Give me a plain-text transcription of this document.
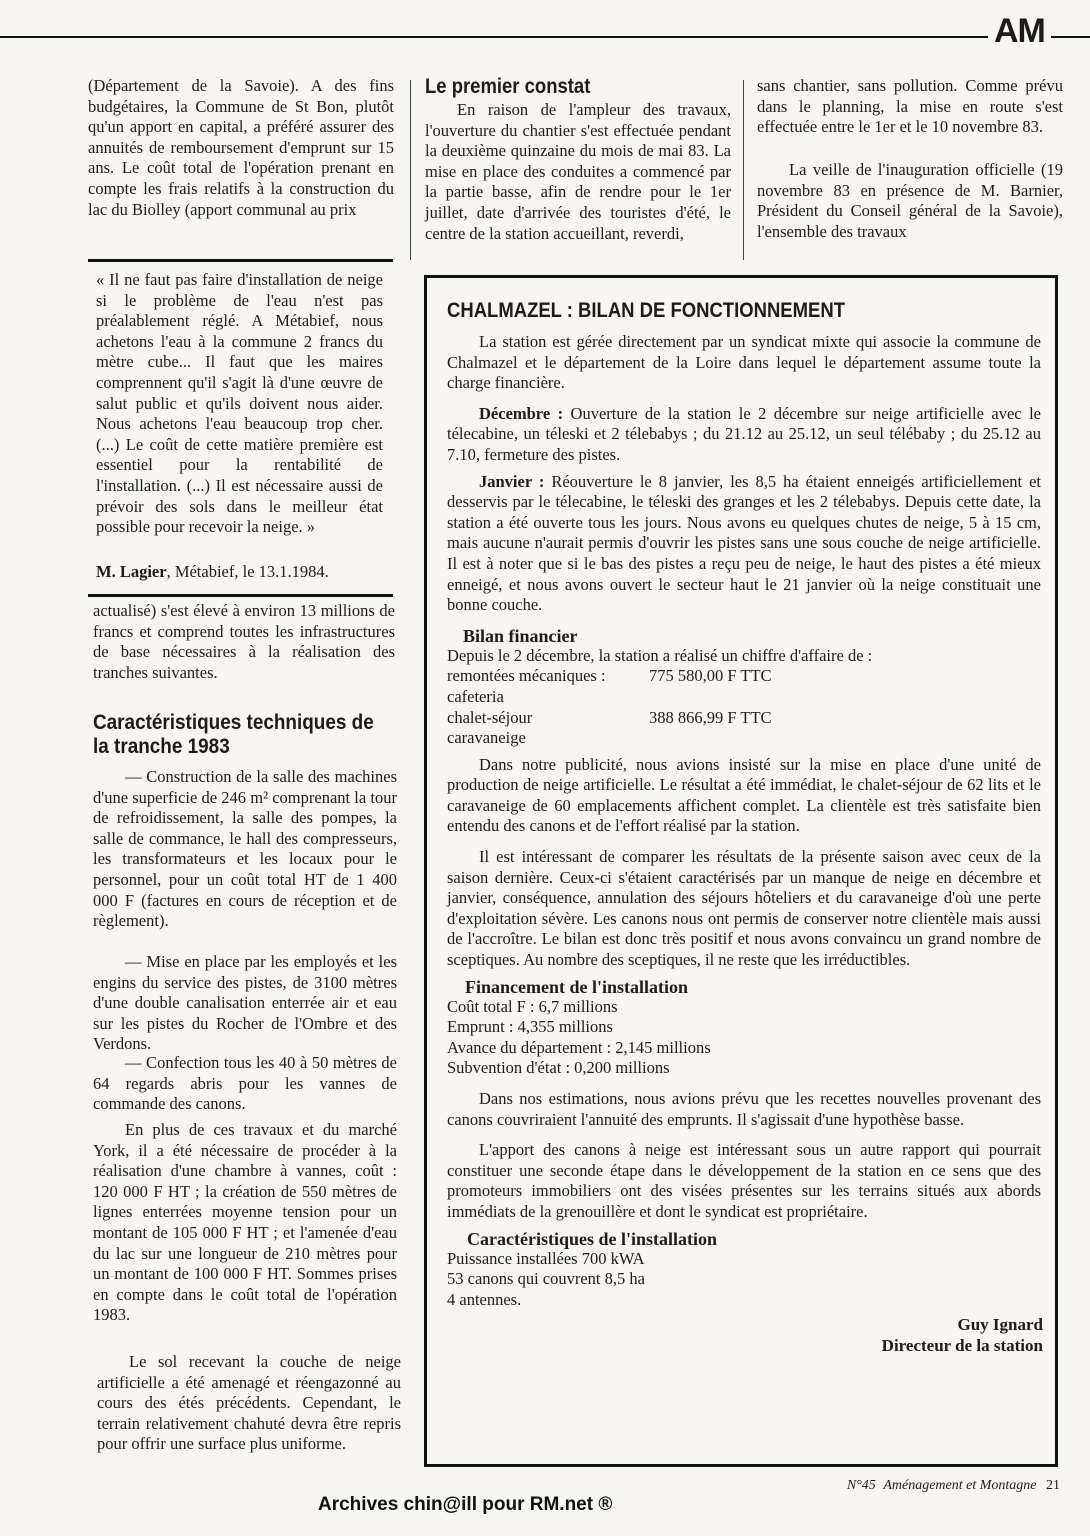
AM

(Département de la Savoie). A des fins budgétaires, la Commune de St Bon, plutôt qu'un apport en capital, a préféré assurer des annuités de remboursement d'emprunt sur 15 ans. Le coût total de l'opération prenant en compte les frais relatifs à la construction du lac du Biolley (apport communal au prix

« Il ne faut pas faire d'installation de neige si le problème de l'eau n'est pas préalablement réglé. A Métabief, nous achetons l'eau à la commune 2 francs du mètre cube... Il faut que les maires comprennent qu'il s'agit là d'une œuvre de salut public et qu'ils doivent nous aider. Nous achetons l'eau beaucoup trop cher. (...) Le coût de cette matière première est essentiel pour la rentabilité de l'installation. (...) Il est nécessaire aussi de prévoir des sols dans le meilleur état possible pour recevoir la neige. »

M. Lagier, Métabief, le 13.1.1984.

actualisé) s'est élevé à environ 13 millions de francs et comprend toutes les infrastructures de base nécessaires à la réalisation des tranches suivantes.

Caractéristiques techniques de la tranche 1983

— Construction de la salle des machines d'une superficie de 246 m² comprenant la tour de refroidissement, la salle des pompes, la salle de commance, le hall des compresseurs, les transformateurs et les locaux pour le personnel, pour un coût total HT de 1 400 000 F (factures en cours de réception et de règlement).

— Mise en place par les employés et les engins du service des pistes, de 3100 mètres d'une double canalisation enterrée air et eau sur les pistes du Rocher de l'Ombre et des Verdons.

— Confection tous les 40 à 50 mètres de 64 regards abris pour les vannes de commande des canons.

En plus de ces travaux et du marché York, il a été nécessaire de procéder à la réalisation d'une chambre à vannes, coût : 120 000 F HT ; la création de 550 mètres de lignes enterrées moyenne tension pour un montant de 105 000 F HT ; et l'amenée d'eau du lac sur une longueur de 210 mètres pour un montant de 100 000 F HT. Sommes prises en compte dans le coût total de l'opération 1983.

Le sol recevant la couche de neige artificielle a été amenagé et réengazonné au cours des étés précédents. Cependant, le terrain relativement chahuté devra être repris pour offrir une surface plus uniforme.

Le premier constat

En raison de l'ampleur des travaux, l'ouverture du chantier s'est effectuée pendant la deuxième quinzaine du mois de mai 83. La mise en place des conduites a commencé par la partie basse, afin de rendre pour le 1er juillet, date d'arrivée des touristes d'été, le centre de la station accueillant, reverdi,

sans chantier, sans pollution. Comme prévu dans le planning, la mise en route s'est effectuée entre le 1er et le 10 novembre 83.

La veille de l'inauguration officielle (19 novembre 83 en présence de M. Barnier, Président du Conseil général de la Savoie), l'ensemble des travaux

CHALMAZEL : BILAN DE FONCTIONNEMENT

La station est gérée directement par un syndicat mixte qui associe la commune de Chalmazel et le département de la Loire dans lequel le département assume toute la charge financière.

Décembre : Ouverture de la station le 2 décembre sur neige artificielle avec le télecabine, un téleski et 2 télebabys ; du 21.12 au 25.12, un seul télébaby ; du 25.12 au 7.10, fermeture des pistes.

Janvier : Réouverture le 8 janvier, les 8,5 ha étaient enneigés artificiellement et desservis par le télecabine, le téleski des granges et les 2 télebabys. Depuis cette date, la station a été ouverte tous les jours. Nous avons eu quelques chutes de neige, 5 à 15 cm, mais aucune n'aurait permis d'ouvrir les pistes sans une sous couche de neige artificielle. Il est à noter que si le bas des pistes a reçu peu de neige, le haut des pistes a été mieux enneigé, et nous avons ouvert le secteur haut le 21 janvier où la neige constituait une bonne couche.

Bilan financier

Depuis le 2 décembre, la station a réalisé un chiffre d'affaire de :

remontées mécaniques :	775 580,00 F TTC

cafeteria

chalet-séjour	388 866,99 F TTC

caravaneige

Dans notre publicité, nous avions insisté sur la mise en place d'une unité de production de neige artificielle. Le résultat a été immédiat, le chalet-séjour de 62 lits et le caravaneige de 60 emplacements affichent complet. La clientèle est très satisfaite bien entendu des canons et de l'effort réalisé par la station.

Il est intéressant de comparer les résultats de la présente saison avec ceux de la saison dernière. Ceux-ci s'étaient caractérisés par un manque de neige en décembre et janvier, conséquence, annulation des séjours hôteliers et du caravaneige d'où une perte d'exploitation sévère. Les canons nous ont permis de conserver notre clientèle mais aussi de l'accroître. Le bilan est donc très positif et nous avons convaincu un grand nombre de sceptiques. Au nombre des sceptiques, il ne reste que les irréductibles.

Financement de l'installation

Coût total F : 6,7 millions

Emprunt : 4,355 millions

Avance du département : 2,145 millions

Subvention d'état : 0,200 millions

Dans nos estimations, nous avions prévu que les recettes nouvelles provenant des canons couvriraient l'annuité des emprunts. Il s'agissait d'une hypothèse basse.

L'apport des canons à neige est intéressant sous un autre rapport qui pourrait constituer une seconde étape dans le développement de la station en ce sens que des promoteurs immobiliers ont des visées présentes sur les terrains situés aux abords immédiats de la grenouillère et dont le syndicat est propriétaire.

Caractéristiques de l'installation

Puissance installées 700 kWA

53 canons qui couvrent 8,5 ha

4 antennes.

Guy Ignard

Directeur de la station

N°45 Aménagement et Montagne 21
Archives chin@ill pour RM.net ®
